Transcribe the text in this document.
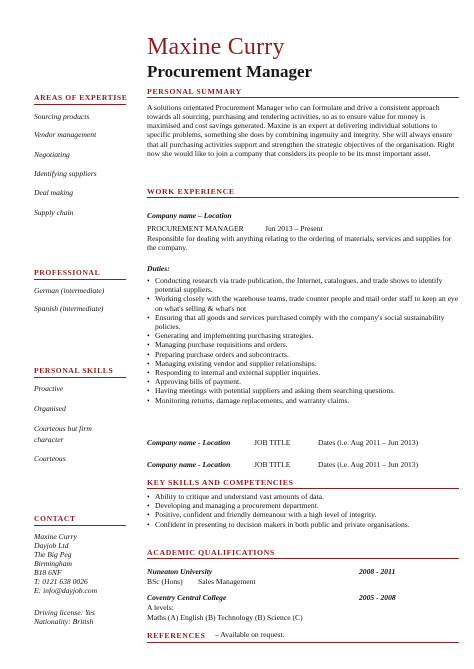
Maxine Curry
Procurement Manager
AREAS OF EXPERTISE
Sourcing products
Vendor management
Negotiating
Identifying suppliers
Deal making
Supply chain
PROFESSIONAL
German (intermediate)
Spanish (intermediate)
PERSONAL SKILLS
Proactive
Organised
Courteous but firm
character
Courteous
CONTACT
Maxine Curry
Dayjob Ltd
The Big Peg
Birmingham
B18 6NF
T: 0121 638 0026
E: info@dayjob.com
Driving license: Yes
Nationality: British
PERSONAL SUMMARY

A solutions orientated Procurement Manager who can formulate and drive a consistent approach towards all sourcing, purchasing and tendering activities, so as to ensure value for money is maximised and cost savings generated. Maxine is an expert at delivering individual solutions to specific problems, something she does by combining ingenuity and integrity. She will always ensure that all purchasing activities support and strengthen the strategic objectives of the organisation. Right now she would like to join a company that considers its people to be its most important asset.

WORK EXPERIENCE
Company name – Location
PROCUREMENT MANAGER	Jun 2013 – Present

Responsible for dealing with anything relating to the ordering of materials, services and supplies for the company.

Duties:
• Conducting research via trade publication, the Internet, catalogues, and trade shows to identify potential suppliers.
• Working closely with the warehouse teams, trade counter people and mail order staff to keep an eye on what's selling & what's not
• Ensuring that all goods and services purchased comply with the company's social sustainability policies.
• Generating and implementing purchasing strategies.
• Managing purchase requisitions and orders.
• Preparing purchase orders and subcontracts.
• Managing existing vendor and supplier relationships.
• Responding to internal and external supplier inquiries.
• Approving bills of payment.
• Having meetings with potential suppliers and asking them searching questions.
• Monitoring returns, damage replacements, and warranty claims.
Company name - Location	JOB TITLE	Dates (i.e. Aug 2011 – Jun 2013)
Company name - Location	JOB TITLE	Dates (i.e. Aug 2011 – Jun 2013)
KEY SKILLS AND COMPETENCIES
• Ability to critique and understand vast amounts of data.
• Developing and managing a procurement department.
• Positive, confident and friendly demeanour with a high level of integrity.
• Confident in presenting to decision makers in both public and private organisations.
ACADEMIC QUALIFICATIONS
Nuneaton University	2008 - 2011
BSc (Hons) Sales Management
Coventry Central College	2005 - 2008
A levels:
Maths (A) English (B) Technology (B) Science (C)
REFERENCES – Available on request.
